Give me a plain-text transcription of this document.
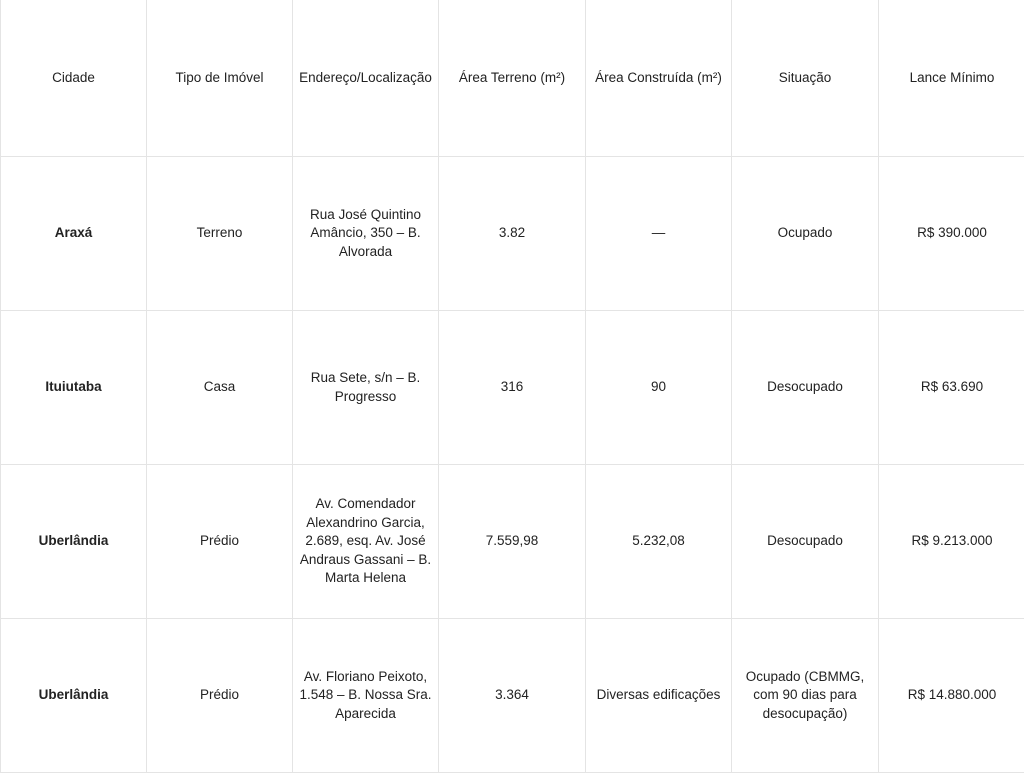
Cidade	Tipo de Imóvel	Endereço/Localização	Área Terreno (m²)	Área Construída (m²)	Situação	Lance Mínimo
Araxá	Terreno	Rua José Quintino Amâncio, 350 – B. Alvorada	3.82	—	Ocupado	R$ 390.000
Ituiutaba	Casa	Rua Sete, s/n – B. Progresso	316	90	Desocupado	R$ 63.690
Uberlândia	Prédio	Av. Comendador Alexandrino Garcia, 2.689, esq. Av. José Andraus Gassani – B. Marta Helena	7.559,98	5.232,08	Desocupado	R$ 9.213.000
Uberlândia	Prédio	Av. Floriano Peixoto, 1.548 – B. Nossa Sra. Aparecida	3.364	Diversas edificações	Ocupado (CBMMG, com 90 dias para desocupação)	R$ 14.880.000
